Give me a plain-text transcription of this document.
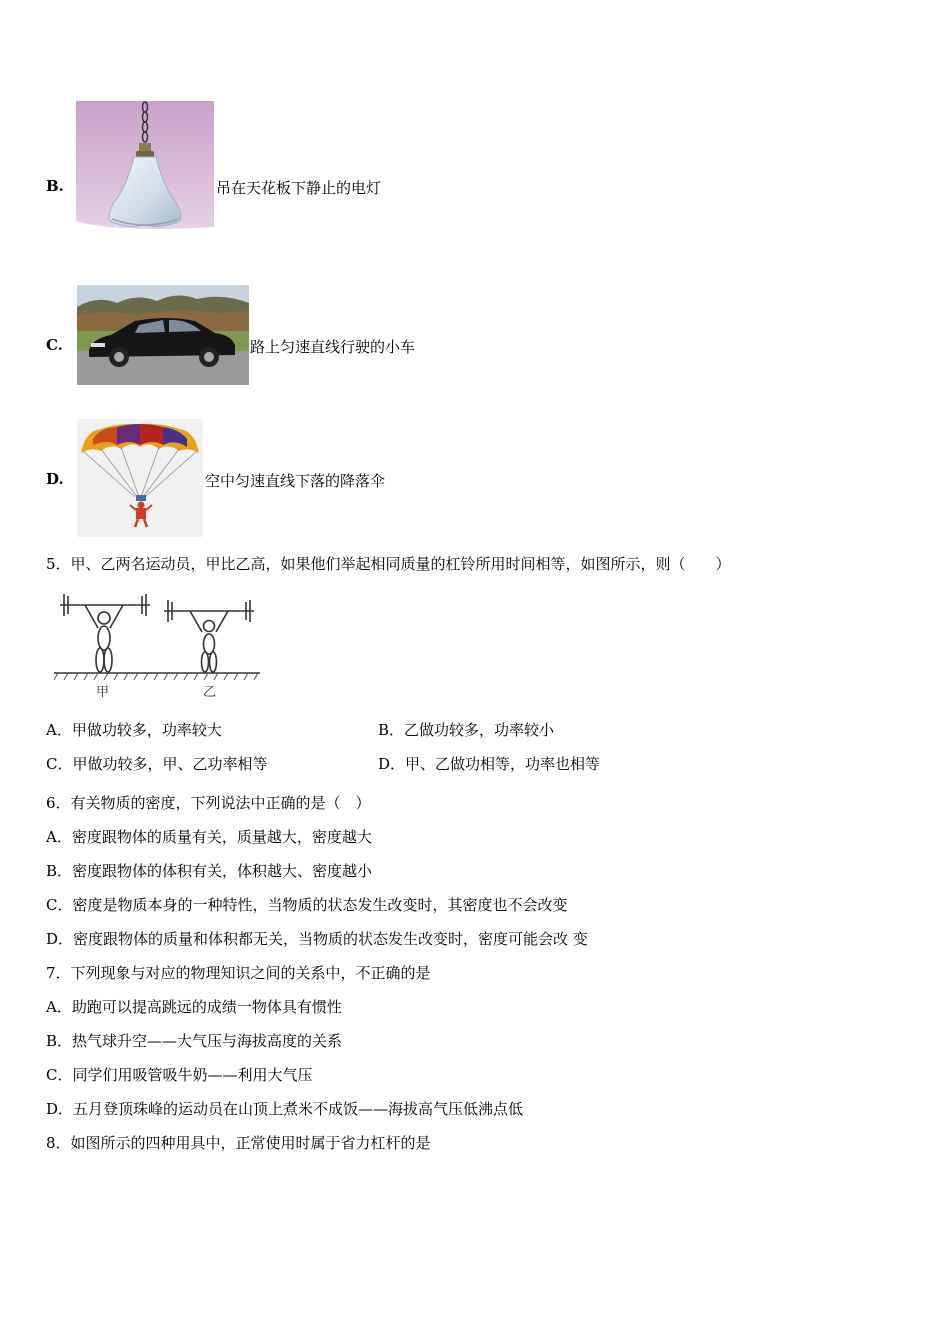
B.	吊在天花板下静止的电灯
C.	路上匀速直线行驶的小车
D.	空中匀速直线下落的降落伞
5．甲、乙两名运动员，甲比乙高，如果他们举起相同质量的杠铃所用时间相等，如图所示，则（　　）
甲	乙
A．甲做功较多，功率较大	B．乙做功较多，功率较小
C．甲做功较多，甲、乙功率相等	D．甲、乙做功相等，功率也相等
6．有关物质的密度，下列说法中正确的是（　）
A．密度跟物体的质量有关，质量越大，密度越大
B．密度跟物体的体积有关，体积越大、密度越小
C．密度是物质本身的一种特性，当物质的状态发生改变时，其密度也不会改变
D．密度跟物体的质量和体积都无关，当物质的状态发生改变时，密度可能会改 变
7．下列现象与对应的物理知识之间的关系中，不正确的是
A．助跑可以提高跳远的成绩一物体具有惯性
B．热气球升空——大气压与海拔高度的关系
C．同学们用吸管吸牛奶——利用大气压
D．五月登顶珠峰的运动员在山顶上煮米不成饭——海拔高气压低沸点低
8．如图所示的四种用具中，正常使用时属于省力杠杆的是
